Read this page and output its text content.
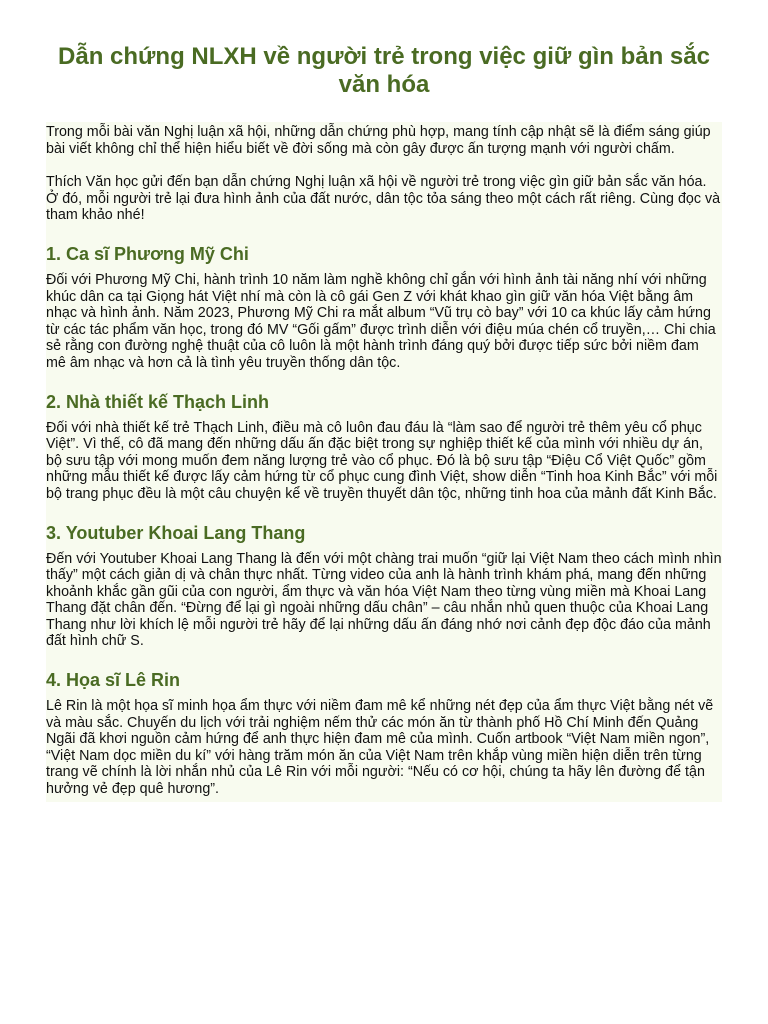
Dẫn chứng NLXH về người trẻ trong việc giữ gìn bản sắc văn hóa

Trong mỗi bài văn Nghị luận xã hội, những dẫn chứng phù hợp, mang tính cập nhật sẽ là điểm sáng giúp bài viết không chỉ thể hiện hiểu biết về đời sống mà còn gây được ấn tượng mạnh với người chấm.

Thích Văn học gửi đến bạn dẫn chứng Nghị luận xã hội về người trẻ trong việc gìn giữ bản sắc văn hóa. Ở đó, mỗi người trẻ lại đưa hình ảnh của đất nước, dân tộc tỏa sáng theo một cách rất riêng. Cùng đọc và tham khảo nhé!

1. Ca sĩ Phương Mỹ Chi

Đối với Phương Mỹ Chi, hành trình 10 năm làm nghề không chỉ gắn với hình ảnh tài năng nhí với những khúc dân ca tại Giọng hát Việt nhí mà còn là cô gái Gen Z với khát khao gìn giữ văn hóa Việt bằng âm nhạc và hình ảnh. Năm 2023, Phương Mỹ Chi ra mắt album “Vũ trụ cò bay” với 10 ca khúc lấy cảm hứng từ các tác phẩm văn học, trong đó MV “Gối gấm” được trình diễn với điệu múa chén cổ truyền,… Chi chia sẻ rằng con đường nghệ thuật của cô luôn là một hành trình đáng quý bởi được tiếp sức bởi niềm đam mê âm nhạc và hơn cả là tình yêu truyền thống dân tộc.

2. Nhà thiết kế Thạch Linh

Đối với nhà thiết kế trẻ Thạch Linh, điều mà cô luôn đau đáu là “làm sao để người trẻ thêm yêu cổ phục Việt”. Vì thế, cô đã mang đến những dấu ấn đặc biệt trong sự nghiệp thiết kế của mình với nhiều dự án, bộ sưu tập với mong muốn đem năng lượng trẻ vào cổ phục. Đó là bộ sưu tập “Điệu Cổ Việt Quốc” gồm những mẫu thiết kế được lấy cảm hứng từ cổ phục cung đình Việt, show diễn “Tinh hoa Kinh Bắc” với mỗi bộ trang phục đều là một câu chuyện kể về truyền thuyết dân tộc, những tinh hoa của mảnh đất Kinh Bắc.

3. Youtuber Khoai Lang Thang

Đến với Youtuber Khoai Lang Thang là đến với một chàng trai muốn “giữ lại Việt Nam theo cách mình nhìn thấy” một cách giản dị và chân thực nhất. Từng video của anh là hành trình khám phá, mang đến những khoảnh khắc gần gũi của con người, ẩm thực và văn hóa Việt Nam theo từng vùng miền mà Khoai Lang Thang đặt chân đến. “Đừng để lại gì ngoài những dấu chân” – câu nhắn nhủ quen thuộc của Khoai Lang Thang như lời khích lệ mỗi người trẻ hãy để lại những dấu ấn đáng nhớ nơi cảnh đẹp độc đáo của mảnh đất hình chữ S.

4. Họa sĩ Lê Rin

Lê Rin là một họa sĩ minh họa ẩm thực với niềm đam mê kể những nét đẹp của ẩm thực Việt bằng nét vẽ và màu sắc. Chuyến du lịch với trải nghiệm nếm thử các món ăn từ thành phố Hồ Chí Minh đến Quảng Ngãi đã khơi nguồn cảm hứng để anh thực hiện đam mê của mình. Cuốn artbook “Việt Nam miền ngon”, “Việt Nam dọc miền du kí” với hàng trăm món ăn của Việt Nam trên khắp vùng miền hiện diễn trên từng trang vẽ chính là lời nhắn nhủ của Lê Rin với mỗi người: “Nếu có cơ hội, chúng ta hãy lên đường để tận hưởng vẻ đẹp quê hương”.
